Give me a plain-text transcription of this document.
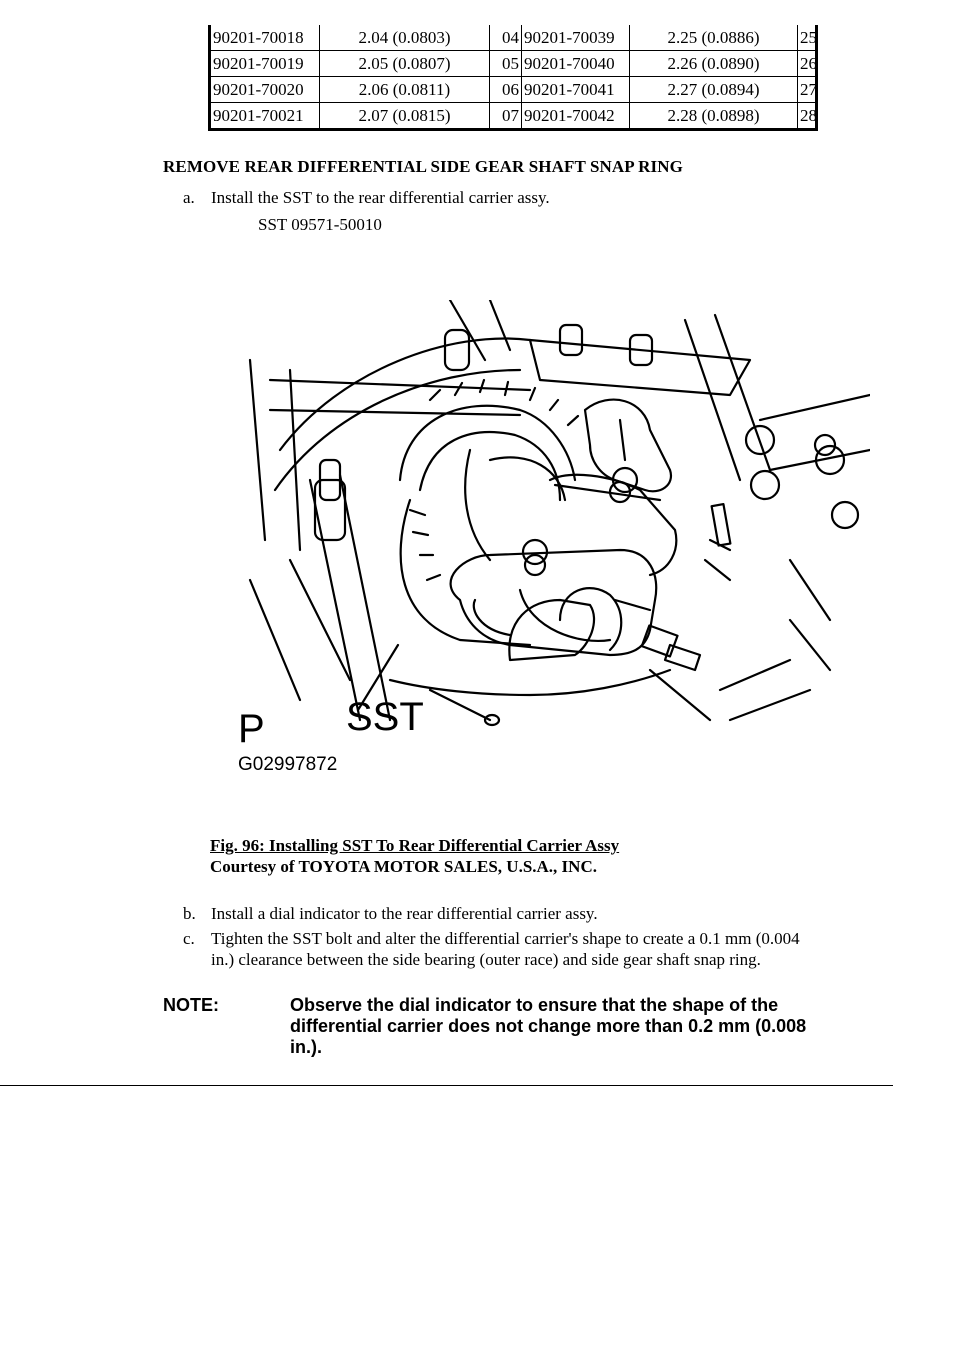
90201-70018	2.04 (0.0803)	04	90201-70039	2.25 (0.0886)	25
90201-70019	2.05 (0.0807)	05	90201-70040	2.26 (0.0890)	26
90201-70020	2.06 (0.0811)	06	90201-70041	2.27 (0.0894)	27
90201-70021	2.07 (0.0815)	07	90201-70042	2.28 (0.0898)	28
REMOVE REAR DIFFERENTIAL SIDE GEAR SHAFT SNAP RING
a. Install the SST to the rear differential carrier assy.
SST 09571-50010
SST
P
G02997872
Fig. 96: Installing SST To Rear Differential Carrier Assy
Courtesy of TOYOTA MOTOR SALES, U.S.A., INC.
b. Install a dial indicator to the rear differential carrier assy.
c. Tighten the SST bolt and alter the differential carrier's shape to create a 0.1 mm (0.004
in.) clearance between the side bearing (outer race) and side gear shaft snap ring.
NOTE:	Observe the dial indicator to ensure that the shape of the
differential carrier does not change more than 0.2 mm (0.008
in.).
